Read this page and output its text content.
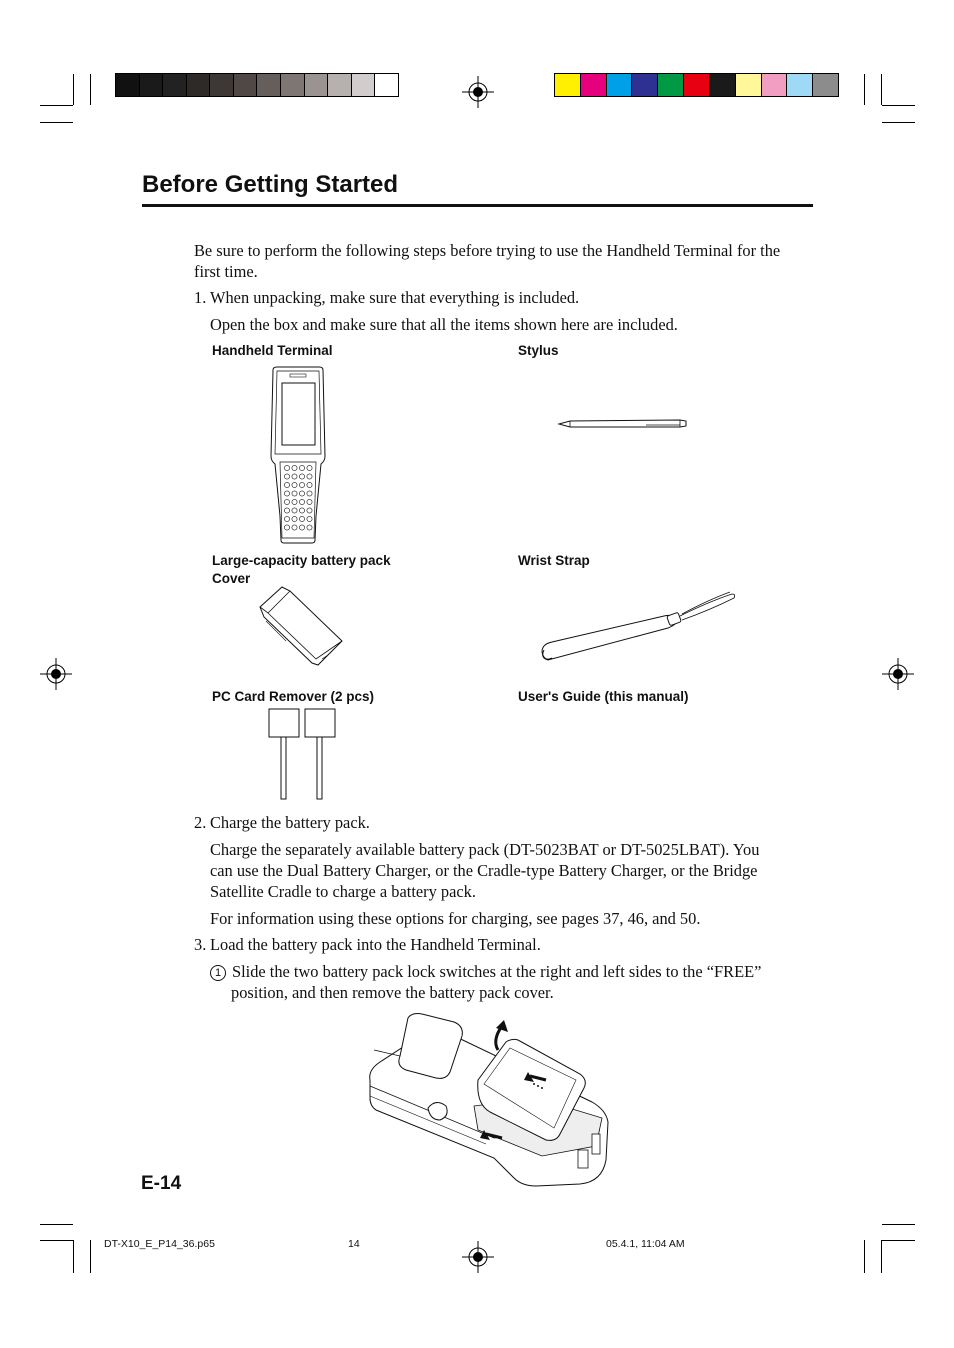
Before Getting Started
Be sure to perform the following steps before trying to use the Handheld Terminal for the first time.
1. When unpacking, make sure that everything is included.
Open the box and make sure that all the items shown here are included.
Handheld Terminal	Stylus
Large-capacity battery pack
Cover
Wrist Strap
PC Card Remover (2 pcs)	User's Guide (this manual)
2. Charge the battery pack.
Charge the separately available battery pack (DT-5023BAT or DT-5025LBAT). You
can use the Dual Battery Charger, or the Cradle-type Battery Charger, or the Bridge
Satellite Cradle to charge a battery pack.
For information using these options for charging, see pages 37, 46, and 50.
3. Load the battery pack into the Handheld Terminal.
1 Slide the two battery pack lock switches at the right and left sides to the “FREE”
position, and then remove the battery pack cover.
E-14
DT-X10_E_P14_36.p65	14	05.4.1, 11:04 AM
